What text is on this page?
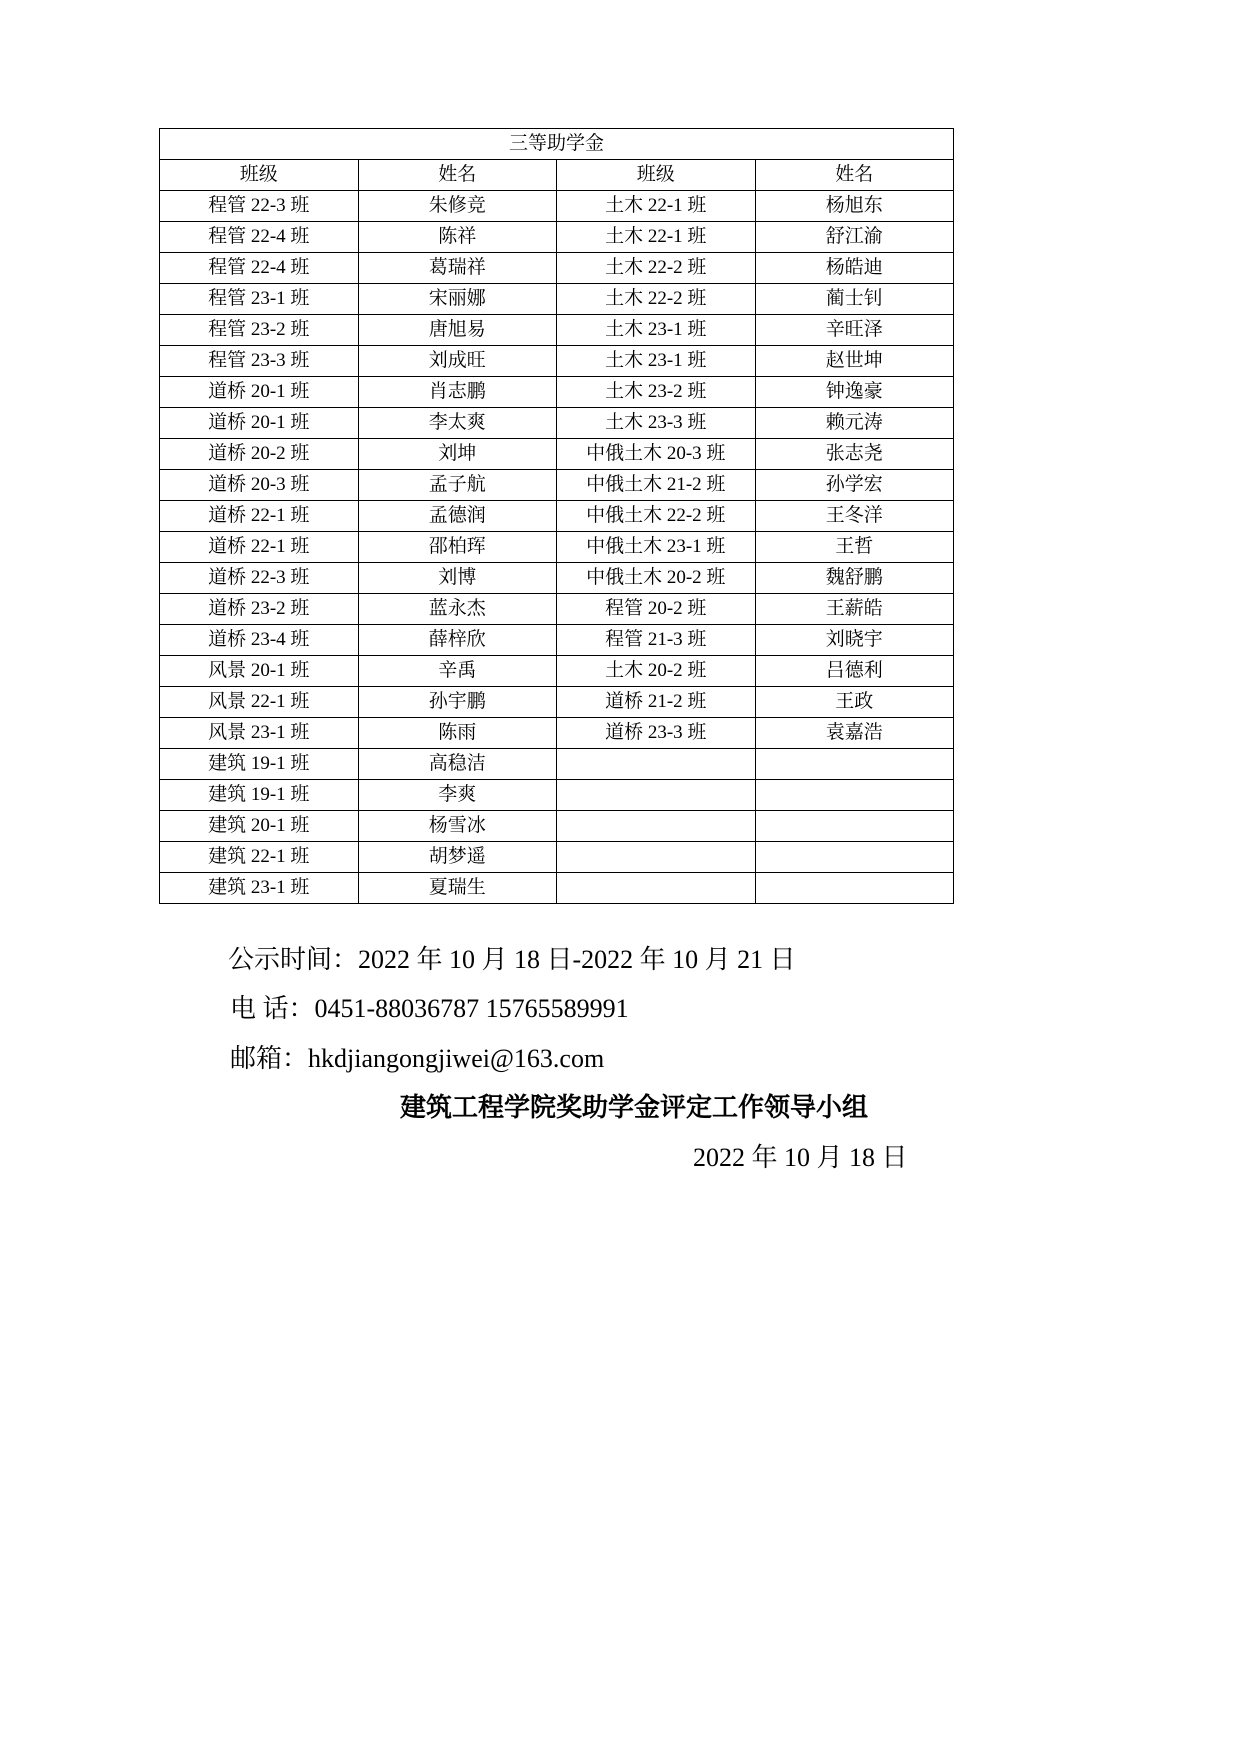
三等助学金			
班级	姓名	班级	姓名
程管 22-3 班	朱修竞	土木 22-1 班	杨旭东
程管 22-4 班	陈祥	土木 22-1 班	舒江渝
程管 22-4 班	葛瑞祥	土木 22-2 班	杨皓迪
程管 23-1 班	宋丽娜	土木 22-2 班	蔺士钊
程管 23-2 班	唐旭易	土木 23-1 班	辛旺泽
程管 23-3 班	刘成旺	土木 23-1 班	赵世坤
道桥 20-1 班	肖志鹏	土木 23-2 班	钟逸豪
道桥 20-1 班	李太爽	土木 23-3 班	赖元涛
道桥 20-2 班	刘坤	中俄土木 20-3 班	张志尧
道桥 20-3 班	孟子航	中俄土木 21-2 班	孙学宏
道桥 22-1 班	孟德润	中俄土木 22-2 班	王冬洋
道桥 22-1 班	邵柏珲	中俄土木 23-1 班	王哲
道桥 22-3 班	刘博	中俄土木 20-2 班	魏舒鹏
道桥 23-2 班	蓝永杰	程管 20-2 班	王薪皓
道桥 23-4 班	薛梓欣	程管 21-3 班	刘晓宇
风景 20-1 班	辛禹	土木 20-2 班	吕德利
风景 22-1 班	孙宇鹏	道桥 21-2 班	王政
风景 23-1 班	陈雨	道桥 23-3 班	袁嘉浩
建筑 19-1 班	高稳洁		
建筑 19-1 班	李爽		
建筑 20-1 班	杨雪冰		
建筑 22-1 班	胡梦遥		
建筑 23-1 班	夏瑞生		
公示时间：2022 年 10 月 18 日-2022 年 10 月 21 日
电 话：0451-88036787 15765589991
邮箱：hkdjiangongjiwei@163.com
建筑工程学院奖助学金评定工作领导小组
2022 年 10 月 18 日
